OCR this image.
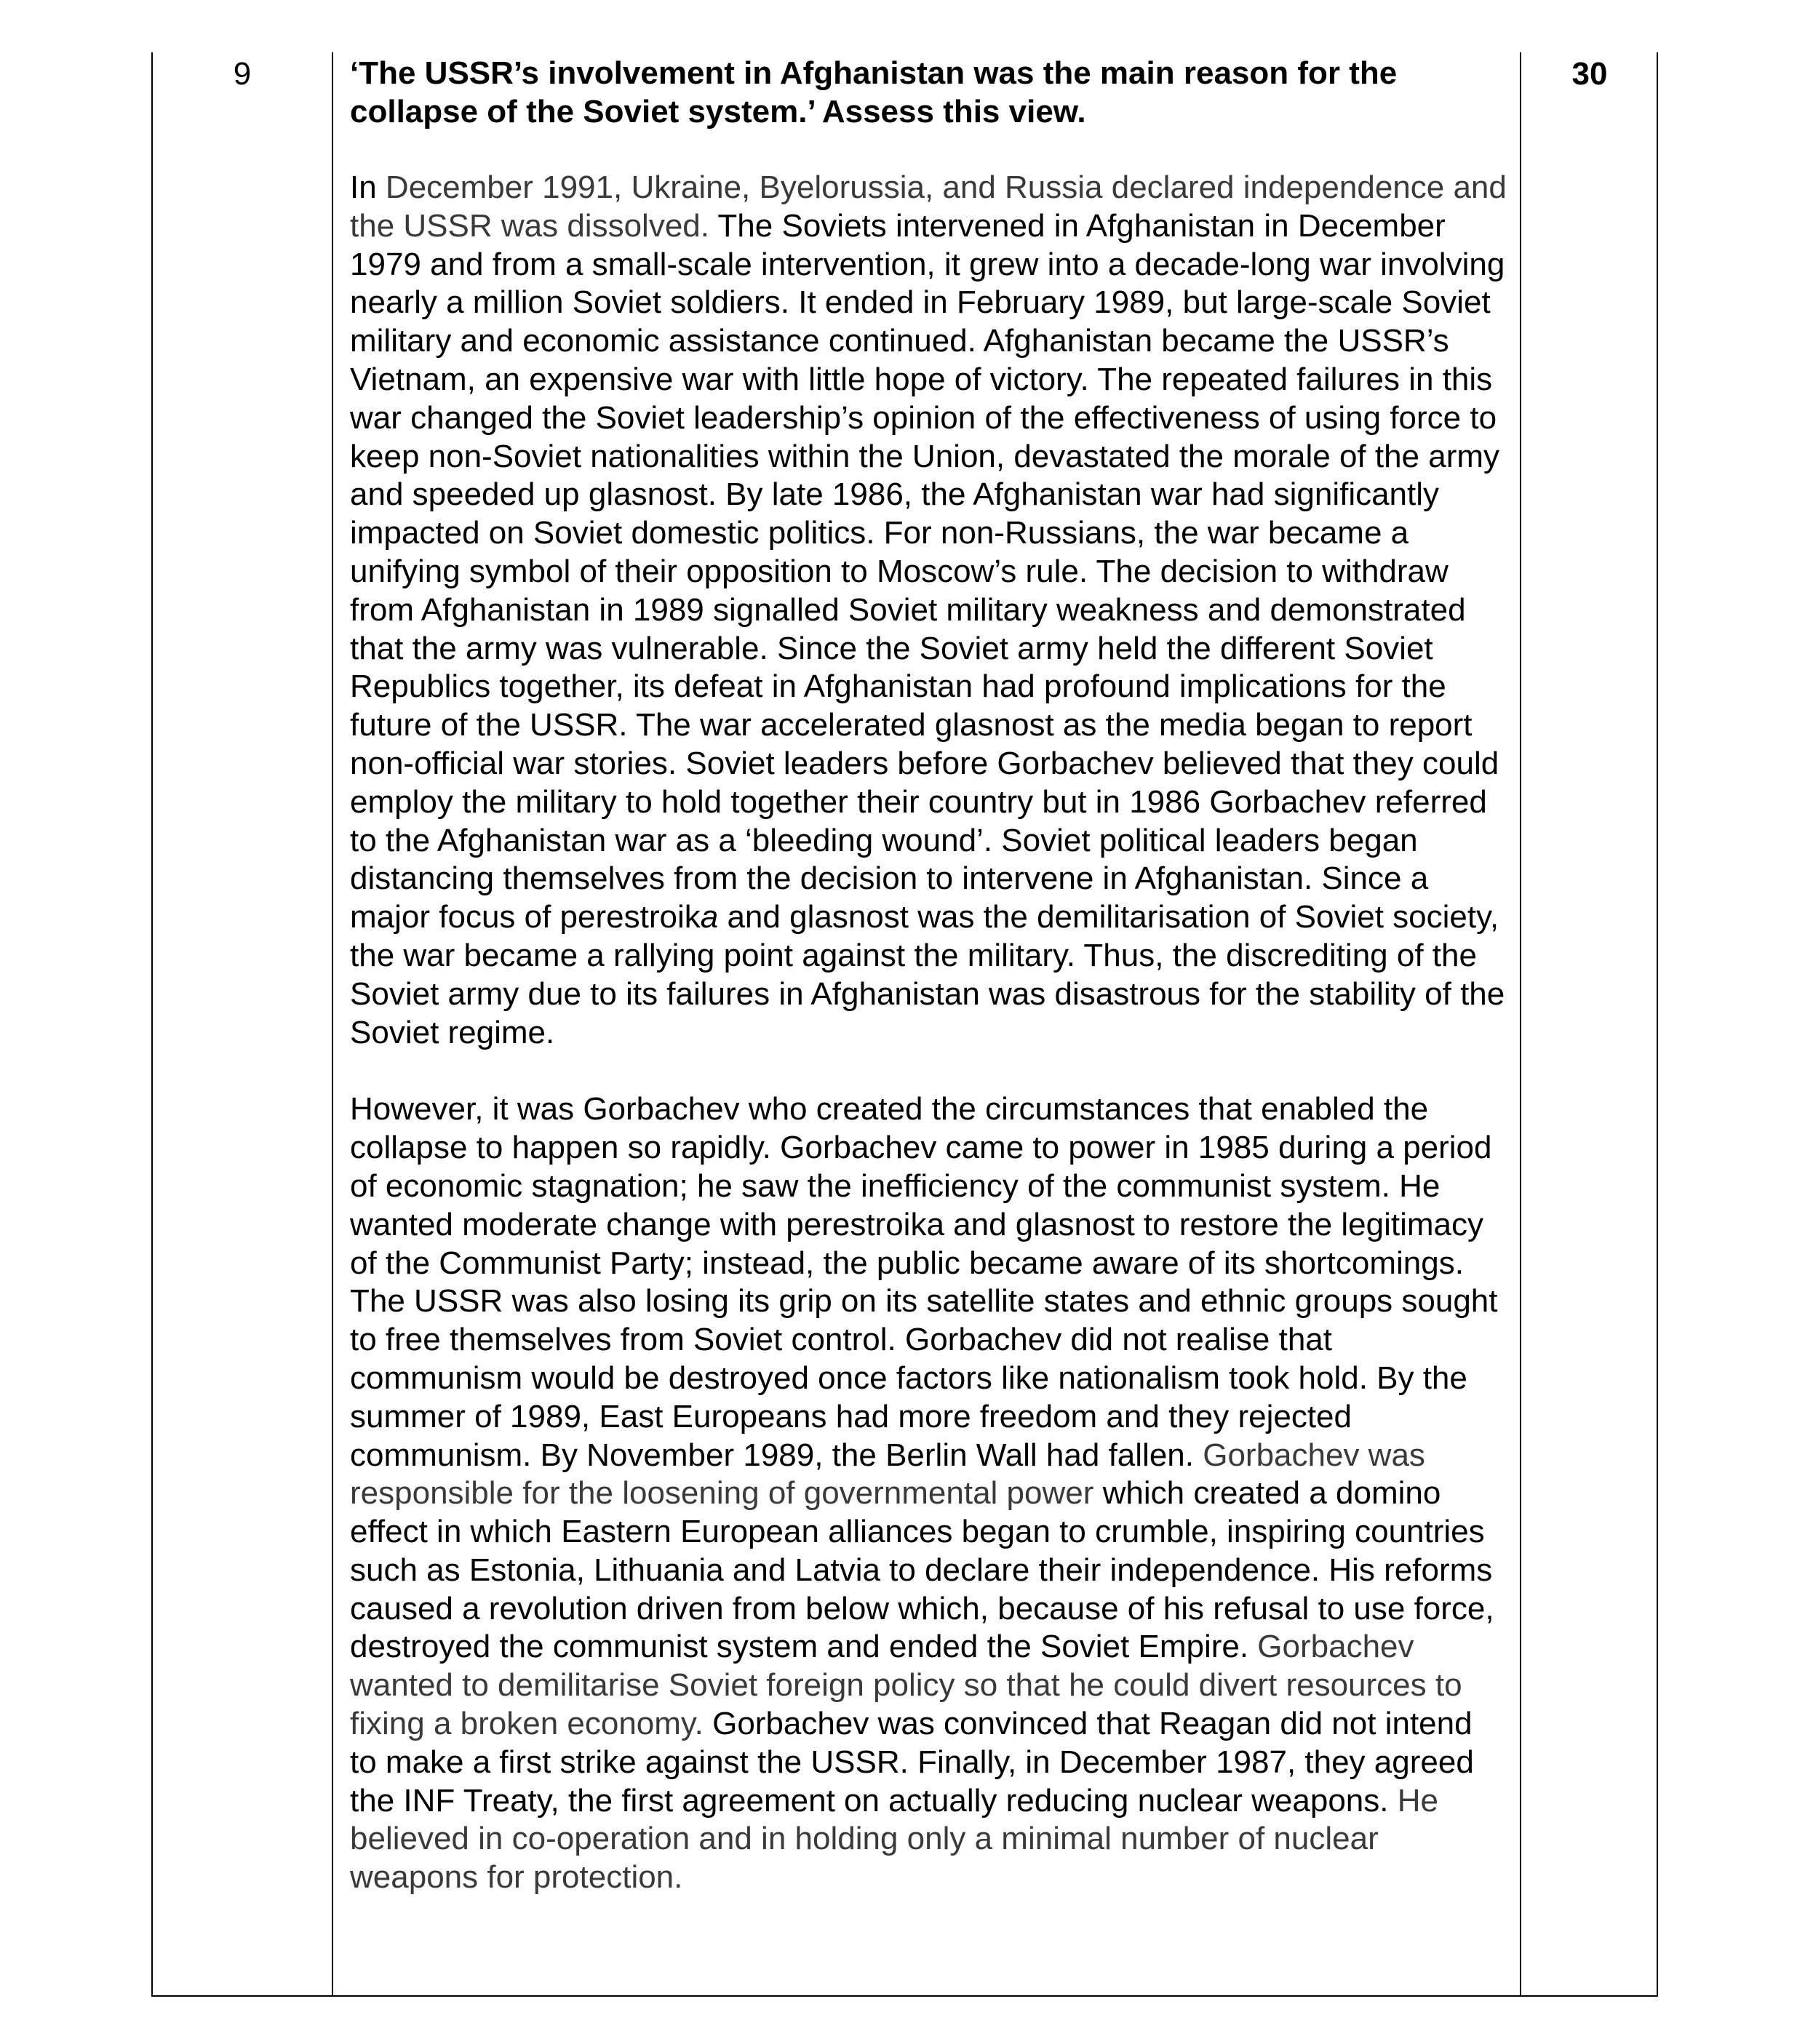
9	‘The USSR’s involvement in Afghanistan was the main reason for the collapse of the Soviet system.’ Assess this view.

In December 1991, Ukraine, Byelorussia, and Russia declared independence and the USSR was dissolved. The Soviets intervened in Afghanistan in December 1979 and from a small-scale intervention, it grew into a decade-long war involving nearly a million Soviet soldiers. It ended in February 1989, but large-scale Soviet military and economic assistance continued. Afghanistan became the USSR’s Vietnam, an expensive war with little hope of victory. The repeated failures in this war changed the Soviet leadership’s opinion of the effectiveness of using force to keep non-Soviet nationalities within the Union, devastated the morale of the army and speeded up glasnost. By late 1986, the Afghanistan war had significantly impacted on Soviet domestic politics. For non-Russians, the war became a unifying symbol of their opposition to Moscow’s rule. The decision to withdraw from Afghanistan in 1989 signalled Soviet military weakness and demonstrated that the army was vulnerable. Since the Soviet army held the different Soviet Republics together, its defeat in Afghanistan had profound implications for the future of the USSR. The war accelerated glasnost as the media began to report non-official war stories. Soviet leaders before Gorbachev believed that they could employ the military to hold together their country but in 1986 Gorbachev referred to the Afghanistan war as a ‘bleeding wound’. Soviet political leaders began distancing themselves from the decision to intervene in Afghanistan. Since a major focus of perestroika and glasnost was the demilitarisation of Soviet society, the war became a rallying point against the military. Thus, the discrediting of the Soviet army due to its failures in Afghanistan was disastrous for the stability of the Soviet regime.

However, it was Gorbachev who created the circumstances that enabled the collapse to happen so rapidly. Gorbachev came to power in 1985 during a period of economic stagnation; he saw the inefficiency of the communist system. He wanted moderate change with perestroika and glasnost to restore the legitimacy of the Communist Party; instead, the public became aware of its shortcomings. The USSR was also losing its grip on its satellite states and ethnic groups sought to free themselves from Soviet control. Gorbachev did not realise that communism would be destroyed once factors like nationalism took hold. By the summer of 1989, East Europeans had more freedom and they rejected communism. By November 1989, the Berlin Wall had fallen. Gorbachev was responsible for the loosening of governmental power which created a domino effect in which Eastern European alliances began to crumble, inspiring countries such as Estonia, Lithuania and Latvia to declare their independence. His reforms caused a revolution driven from below which, because of his refusal to use force, destroyed the communist system and ended the Soviet Empire. Gorbachev wanted to demilitarise Soviet foreign policy so that he could divert resources to fixing a broken economy. Gorbachev was convinced that Reagan did not intend to make a first strike against the USSR. Finally, in December 1987, they agreed the INF Treaty, the first agreement on actually reducing nuclear weapons. He believed in co-operation and in holding only a minimal number of nuclear weapons for protection.

30
